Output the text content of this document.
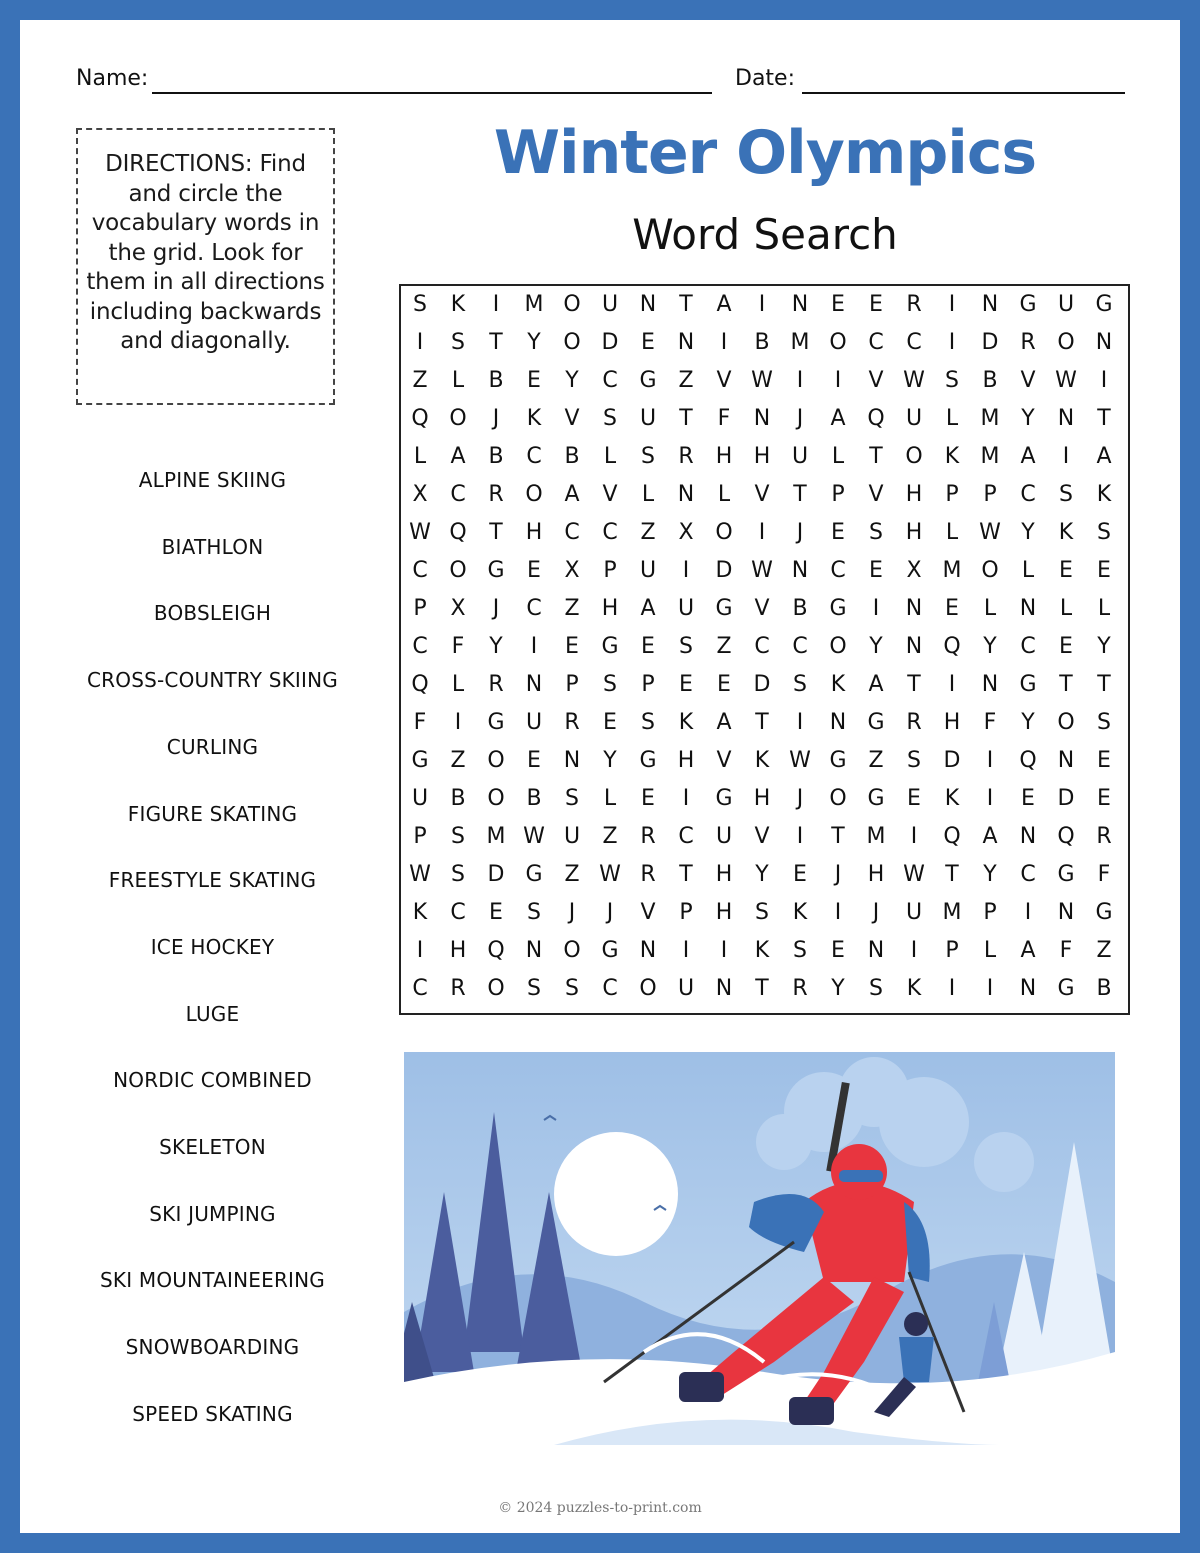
Name:	Date:
DIRECTIONS: Find and circle the vocabulary words in the grid. Look for them in all directions including backwards and diagonally.
Winter Olympics
Word Search
S	K	I	M O U N	T	A	I	N	E	E	R	I	N G U G
I	S	T	Y	O D	E	N	I	B M O C	C	I	D R O N
Z	L	B	E	Y	C G Z	V W	I	I	V W S	B	V W	I
Q O	J	K	V	S	U	T	F	N	J	A Q U	L	M Y	N	T
L	A	B	C	B	L	S	R	H H U	L	T	O	K M A	I	A
X	C	R O A	V	L	N	L	V	T	P	V	H	P	P	C	S	K
W Q	T	H	C	C	Z	X O	I	J	E	S	H	L W Y	K	S
C O G	E	X	P	U	I	D W N	C	E	X M O	L	E	E
P	X	J	C	Z	H	A	U G V	B G	I	N	E	L	N	L	L
C	F	Y	I	E	G	E	S	Z	C	C O	Y	N Q	Y	C	E	Y
Q	L	R	N	P	S	P	E	E	D	S	K	A	T	I	N G	T	T
F	I	G U	R	E	S	K	A	T	I	N G R	H	F	Y	O	S
G Z O	E	N	Y	G H	V	K W G Z	S	D	I	Q N	E
U	B O B	S	L	E	I	G H	J	O G	E	K	I	E	D	E
P	S M W U	Z	R	C	U	V	I	T M	I	Q A	N Q R
W S	D G Z W R	T	H	Y	E	J	H W T	Y	C G	F
K	C	E	S	J	J	V	P	H	S	K	I	J	U M P	I	N G
I	H Q N O G N	I	I	K	S	E	N	I	P	L	A	F	Z
C	R O	S	S	C O U N	T	R	Y	S	K	I	I	N G B
ALPINE SKIING
BIATHLON
BOBSLEIGH
CROSS-COUNTRY SKIING
CURLING
FIGURE SKATING
FREESTYLE SKATING
ICE HOCKEY
LUGE
NORDIC COMBINED
SKELETON
SKI JUMPING
SKI MOUNTAINEERING
SNOWBOARDING
SPEED SKATING
© 2024 puzzles-to-print.com
